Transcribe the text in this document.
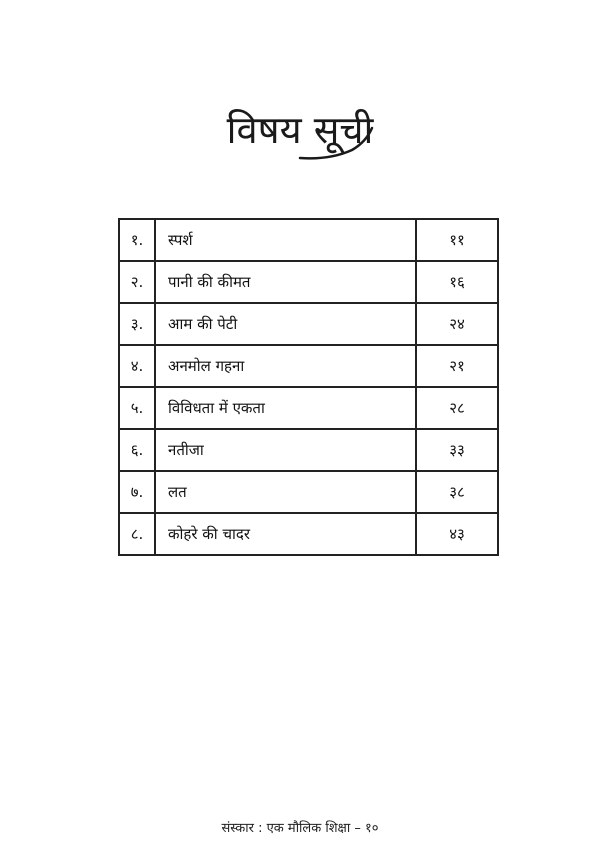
विषय सूची
१.	स्पर्श	११
२.	पानी की कीमत	१६
३.	आम की पेटी	२४
४.	अनमोल गहना	२१
५.	विविधता में एकता	२८
६.	नतीजा	३३
७.	लत	३८
८.	कोहरे की चादर	४३
संस्कार : एक मौलिक शिक्षा – १०
